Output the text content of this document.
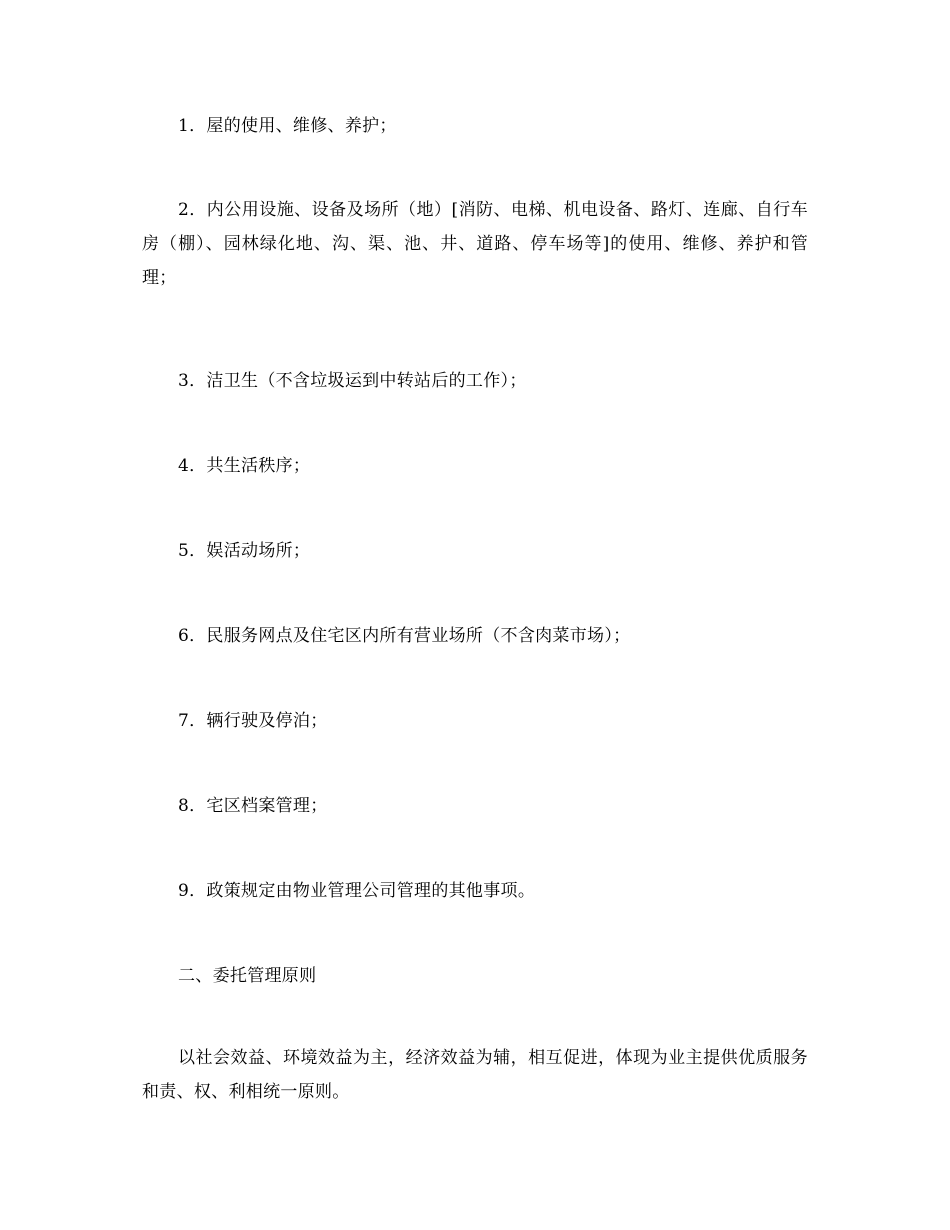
1．屋的使用、维修、养护；

2．内公用设施、设备及场所（地）[消防、电梯、机电设备、路灯、连廊、自行车房（棚）、园林绿化地、沟、渠、池、井、道路、停车场等]的使用、维修、养护和管理；

3．洁卫生（不含垃圾运到中转站后的工作）；

4．共生活秩序；

5．娱活动场所；

6．民服务网点及住宅区内所有营业场所（不含肉菜市场）；

7．辆行驶及停泊；

8．宅区档案管理；

9．政策规定由物业管理公司管理的其他事项。

二、委托管理原则

以社会效益、环境效益为主，经济效益为辅，相互促进，体现为业主提供优质服务和责、权、利相统一原则。
